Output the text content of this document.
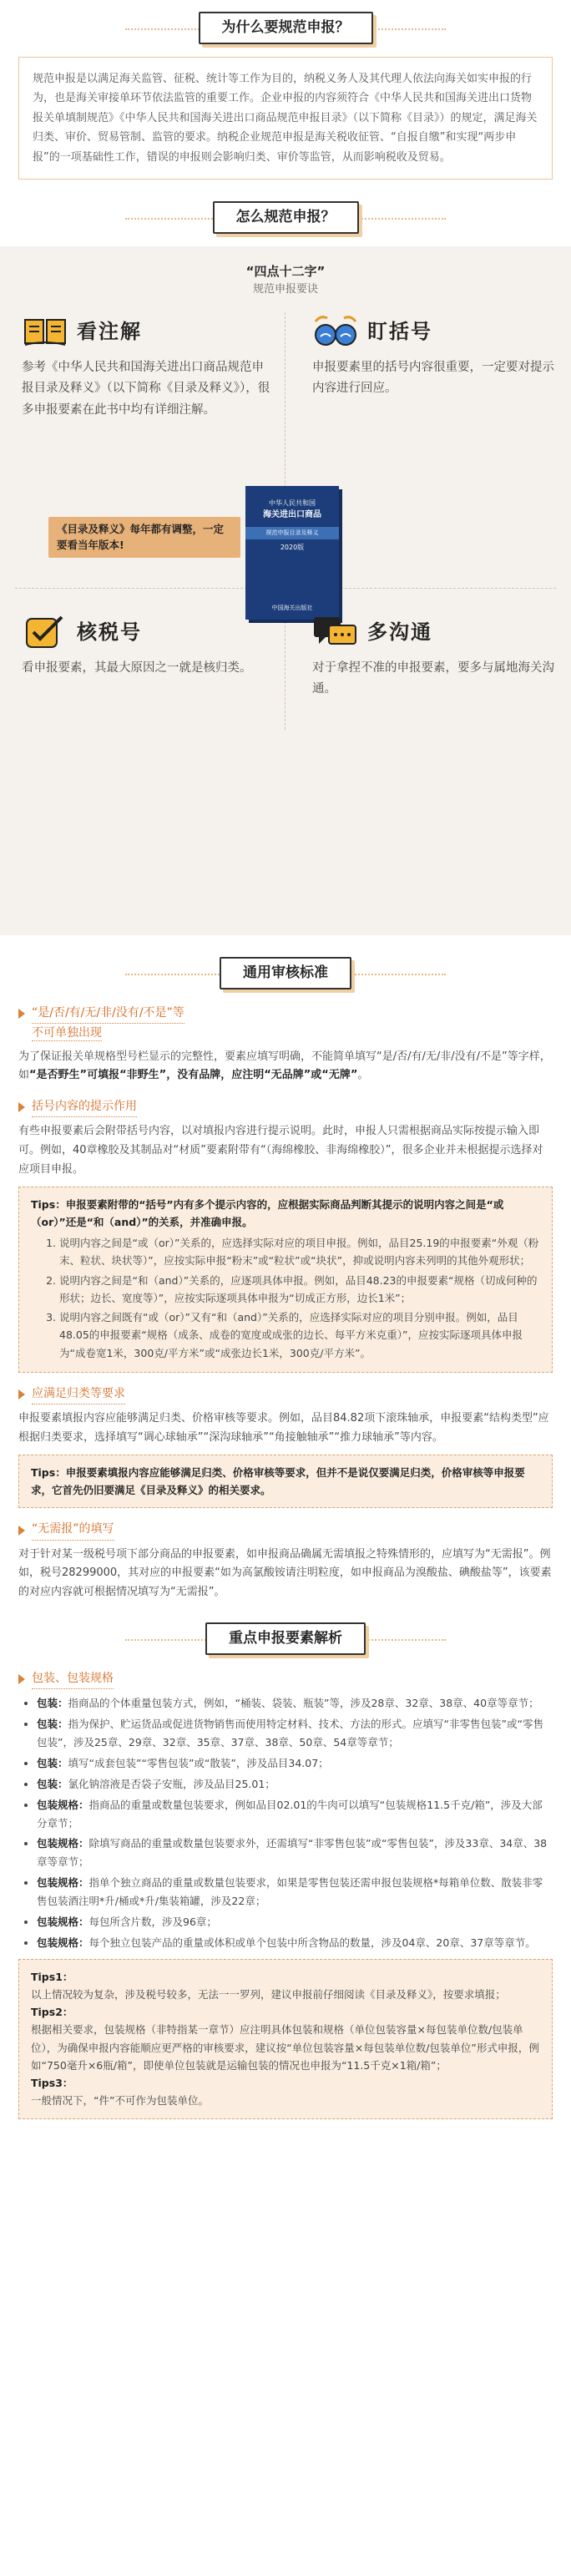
为什么要规范申报？
规范申报是以满足海关监管、征税、统计等工作为目的，纳税义务人及其代理人依法向海关如实申报的行为，也是海关审接单环节依法监管的重要工作。企业申报的内容须符合《中华人民共和国海关进出口货物报关单填制规范》《中华人民共和国海关进出口商品规范申报目录》（以下简称《目录》）的规定，满足海关归类、审价、贸易管制、监管的要求。纳税企业规范申报是海关税收征管、“自报自缴”和实现“两步申报”的一项基础性工作，错误的申报则会影响归类、审价等监管，从而影响税收及贸易。
怎么规范申报？
“四点十二字”
规范申报要诀
看注解
参考《中华人民共和国海关进出口商品规范申报目录及释义》（以下简称《目录及释义》），很多申报要素在此书中均有详细注解。
盯括号
申报要素里的括号内容很重要，一定要对提示内容进行回应。
《目录及释义》每年都有调整，一定要看当年版本!
中华人民共和国
海关进出口商品
规范申报目录及释义
2020版
中国海关出版社
核税号
看申报要素，其最大原因之一就是核归类。
多沟通
对于拿捏不准的申报要素，要多与属地海关沟通。
通用审核标准
“是/否/有/无/非/没有/不是”等
不可单独出现
为了保证报关单规格型号栏显示的完整性，要素应填写明确，不能简单填写“是/否/有/无/非/没有/不是”等字样，如“是否野生”可填报“非野生”，没有品牌，应注明“无品牌”或“无牌”。
括号内容的提示作用
有些申报要素后会附带括号内容，以对填报内容进行提示说明。此时，申报人只需根据商品实际按提示输入即可。例如，40章橡胶及其制品对“材质”要素附带有“（海绵橡胶、非海绵橡胶）”，很多企业并未根据提示选择对应项目申报。
Tips：申报要素附带的“括号”内有多个提示内容的，应根据实际商品判断其提示的说明内容之间是“或（or）”还是“和（and）”的关系，并准确申报。
1. 说明内容之间是“或（or）”关系的，应选择实际对应的项目申报。例如，品目25.19的申报要素“外观（粉末、粒状、块状等）”，应按实际申报“粉末”或“粒状”或“块状”，抑或说明内容未列明的其他外观形状；
2. 说明内容之间是“和（and）”关系的，应逐项具体申报。例如，品目48.23的申报要素“规格（切成何种的形状；边长、宽度等）”，应按实际逐项具体申报为“切成正方形，边长1米”；
3. 说明内容之间既有“或（or）”又有“和（and）”关系的，应选择实际对应的项目分别申报。例如，品目48.05的申报要素“规格（成条、成卷的宽度或成张的边长、每平方米克重）”，应按实际逐项具体申报为“成卷宽1米，300克/平方米”或“成张边长1米，300克/平方米”。
应满足归类等要求
申报要素填报内容应能够满足归类、价格审核等要求。例如，品目84.82项下滚珠轴承，申报要素“结构类型”应根据归类要求，选择填写“调心球轴承”“深沟球轴承”“角接触轴承”“推力球轴承”等内容。
Tips：申报要素填报内容应能够满足归类、价格审核等要求，但并不是说仅要满足归类，价格审核等申报要求，它首先仍旧要满足《目录及释义》的相关要求。
“无需报”的填写
对于针对某一级税号项下部分商品的申报要素，如申报商品确属无需填报之特殊情形的，应填写为“无需报”。例如，税号28299000，其对应的申报要素“如为高氯酸铵请注明粒度，如申报商品为溴酸盐、碘酸盐等”，该要素的对应内容就可根据情况填写为“无需报”。
重点申报要素解析
包装、包装规格
• 包装：指商品的个体重量包装方式，例如，“桶装、袋装、瓶装”等，涉及28章、32章、38章、40章等章节；
• 包装：指为保护、贮运货品或促进货物销售而使用特定材料、技术、方法的形式。应填写“非零售包装”或“零售包装”，涉及25章、29章、32章、35章、37章、38章、50章、54章等章节；
• 包装：填写“成套包装”“零售包装”或“散装”，涉及品目34.07；
• 包装：氯化钠溶液是否袋子安瓶，涉及品目25.01；
• 包装规格：指商品的重量或数量包装要求，例如品目02.01的牛肉可以填写“包装规格11.5千克/箱”，涉及大部分章节；
• 包装规格：除填写商品的重量或数量包装要求外，还需填写“非零售包装”或“零售包装”，涉及33章、34章、38章等章节；
• 包装规格：指单个独立商品的重量或数量包装要求，如果是零售包装还需申报包装规格*每箱单位数、散装非零售包装酒注明*升/桶或*升/集装箱罐，涉及22章；
• 包装规格：每包所含片数，涉及96章；
• 包装规格：每个独立包装产品的重量或体积或单个包装中所含物品的数量，涉及04章、20章、37章等章节。
Tips1：
以上情况较为复杂，涉及税号较多，无法一一罗列，建议申报前仔细阅读《目录及释义》，按要求填报；
Tips2：
根据相关要求，包装规格（非特指某一章节）应注明具体包装和规格（单位包装容量×每包装单位数/包装单位），为确保申报内容能顺应更严格的审核要求，建议按“单位包装容量×每包装单位数/包装单位”形式申报，例如“750毫升×6瓶/箱”，即使单位包装就是运输包装的情况也申报为“11.5千克×1箱/箱”；
Tips3：
一般情况下，“件”不可作为包装单位。
